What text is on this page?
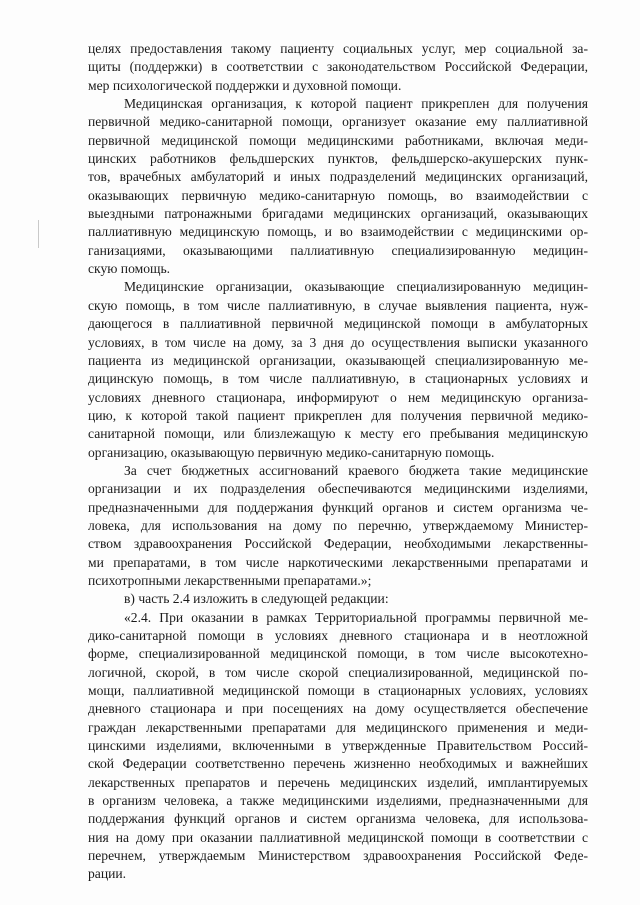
целях предоставления такому пациенту социальных услуг, мер социальной за-
щиты (поддержки) в соответствии с законодательством Российской Федерации,
мер психологической поддержки и духовной помощи.
Медицинская организация, к которой пациент прикреплен для получения
первичной медико-санитарной помощи, организует оказание ему паллиативной
первичной медицинской помощи медицинскими работниками, включая меди-
цинских работников фельдшерских пунктов, фельдшерско-акушерских пунк-
тов, врачебных амбулаторий и иных подразделений медицинских организаций,
оказывающих первичную медико-санитарную помощь, во взаимодействии с
выездными патронажными бригадами медицинских организаций, оказывающих
паллиативную медицинскую помощь, и во взаимодействии с медицинскими ор-
ганизациями, оказывающими паллиативную специализированную медицин-
скую помощь.
Медицинские организации, оказывающие специализированную медицин-
скую помощь, в том числе паллиативную, в случае выявления пациента, нуж-
дающегося в паллиативной первичной медицинской помощи в амбулаторных
условиях, в том числе на дому, за 3 дня до осуществления выписки указанного
пациента из медицинской организации, оказывающей специализированную ме-
дицинскую помощь, в том числе паллиативную, в стационарных условиях и
условиях дневного стационара, информируют о нем медицинскую организа-
цию, к которой такой пациент прикреплен для получения первичной медико-
санитарной помощи, или близлежащую к месту его пребывания медицинскую
организацию, оказывающую первичную медико-санитарную помощь.
За счет бюджетных ассигнований краевого бюджета такие медицинские
организации и их подразделения обеспечиваются медицинскими изделиями,
предназначенными для поддержания функций органов и систем организма че-
ловека, для использования на дому по перечню, утверждаемому Министер-
ством здравоохранения Российской Федерации, необходимыми лекарственны-
ми препаратами, в том числе наркотическими лекарственными препаратами и
психотропными лекарственными препаратами.»;
в) часть 2.4 изложить в следующей редакции:
«2.4. При оказании в рамках Территориальной программы первичной ме-
дико-санитарной помощи в условиях дневного стационара и в неотложной
форме, специализированной медицинской помощи, в том числе высокотехно-
логичной, скорой, в том числе скорой специализированной, медицинской по-
мощи, паллиативной медицинской помощи в стационарных условиях, условиях
дневного стационара и при посещениях на дому осуществляется обеспечение
граждан лекарственными препаратами для медицинского применения и меди-
цинскими изделиями, включенными в утвержденные Правительством Россий-
ской Федерации соответственно перечень жизненно необходимых и важнейших
лекарственных препаратов и перечень медицинских изделий, имплантируемых
в организм человека, а также медицинскими изделиями, предназначенными для
поддержания функций органов и систем организма человека, для использова-
ния на дому при оказании паллиативной медицинской помощи в соответствии с
перечнем, утверждаемым Министерством здравоохранения Российской Феде-
рации.
